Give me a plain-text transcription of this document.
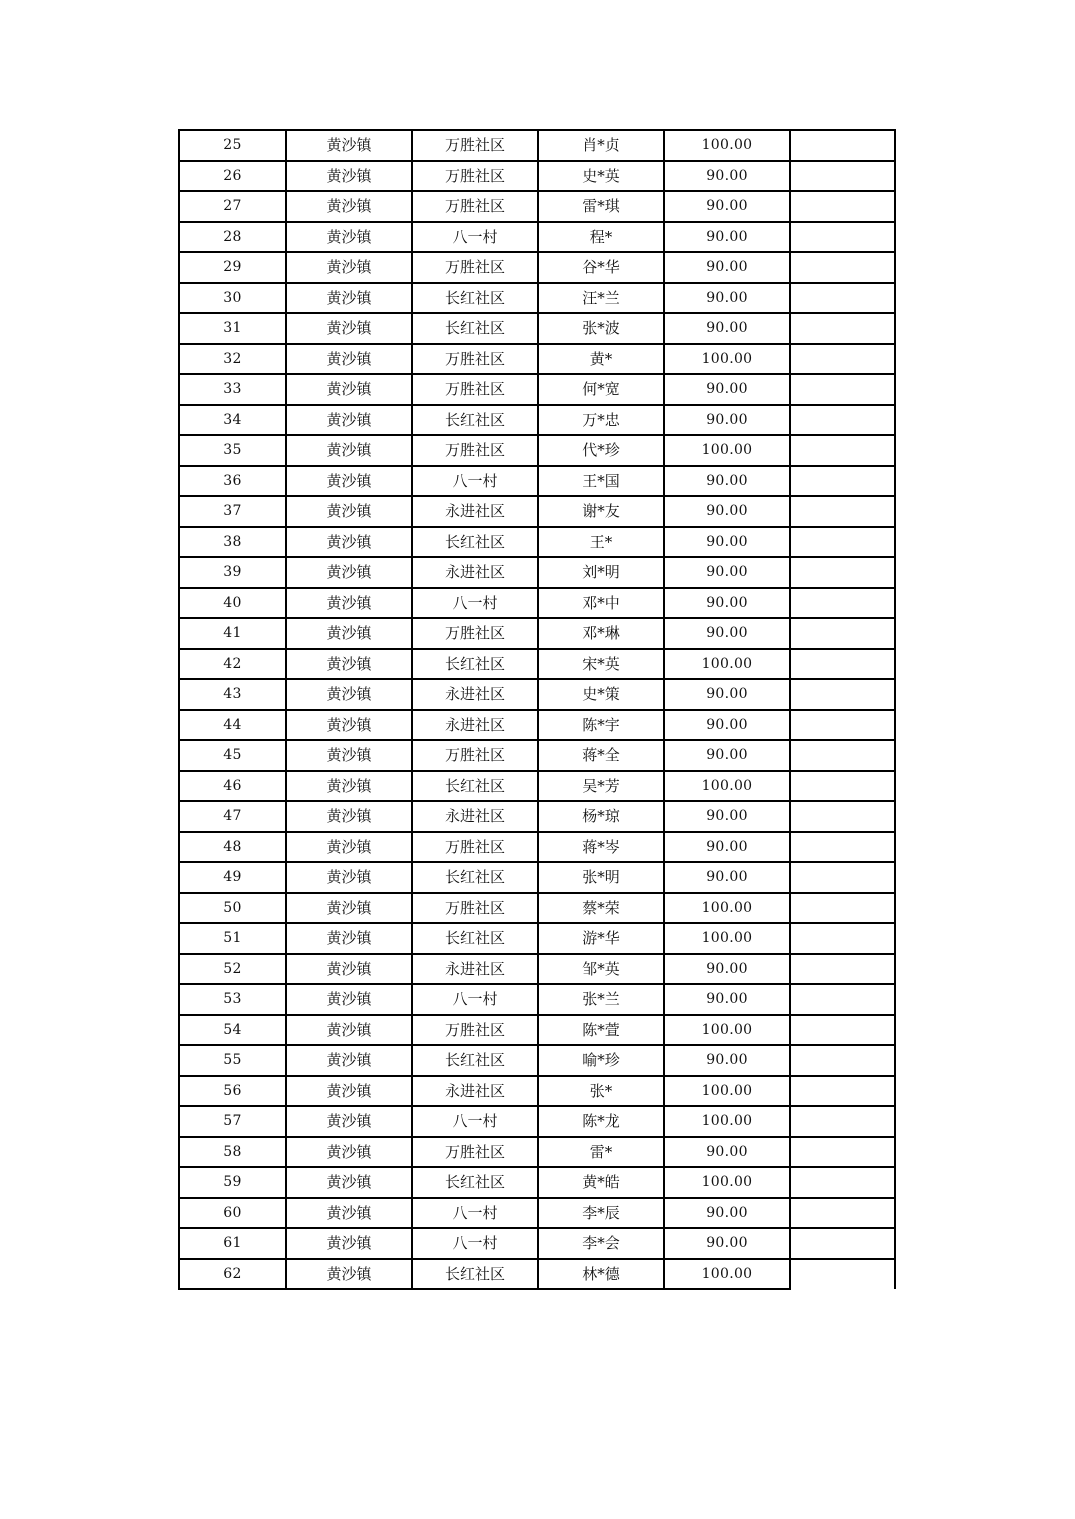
25	黄沙镇	万胜社区	肖*贞	100.00	
26	黄沙镇	万胜社区	史*英	90.00	
27	黄沙镇	万胜社区	雷*琪	90.00	
28	黄沙镇	八一村	程*	90.00	
29	黄沙镇	万胜社区	谷*华	90.00	
30	黄沙镇	长红社区	汪*兰	90.00	
31	黄沙镇	长红社区	张*波	90.00	
32	黄沙镇	万胜社区	黄*	100.00	
33	黄沙镇	万胜社区	何*宽	90.00	
34	黄沙镇	长红社区	万*忠	90.00	
35	黄沙镇	万胜社区	代*珍	100.00	
36	黄沙镇	八一村	王*国	90.00	
37	黄沙镇	永进社区	谢*友	90.00	
38	黄沙镇	长红社区	王*	90.00	
39	黄沙镇	永进社区	刘*明	90.00	
40	黄沙镇	八一村	邓*中	90.00	
41	黄沙镇	万胜社区	邓*琳	90.00	
42	黄沙镇	长红社区	宋*英	100.00	
43	黄沙镇	永进社区	史*策	90.00	
44	黄沙镇	永进社区	陈*宇	90.00	
45	黄沙镇	万胜社区	蒋*全	90.00	
46	黄沙镇	长红社区	吴*芳	100.00	
47	黄沙镇	永进社区	杨*琼	90.00	
48	黄沙镇	万胜社区	蒋*岑	90.00	
49	黄沙镇	长红社区	张*明	90.00	
50	黄沙镇	万胜社区	蔡*荣	100.00	
51	黄沙镇	长红社区	游*华	100.00	
52	黄沙镇	永进社区	邹*英	90.00	
53	黄沙镇	八一村	张*兰	90.00	
54	黄沙镇	万胜社区	陈*萱	100.00	
55	黄沙镇	长红社区	喻*珍	90.00	
56	黄沙镇	永进社区	张*	100.00	
57	黄沙镇	八一村	陈*龙	100.00	
58	黄沙镇	万胜社区	雷*	90.00	
59	黄沙镇	长红社区	黄*皓	100.00	
60	黄沙镇	八一村	李*辰	90.00	
61	黄沙镇	八一村	李*会	90.00	
62	黄沙镇	长红社区	林*德	100.00	
